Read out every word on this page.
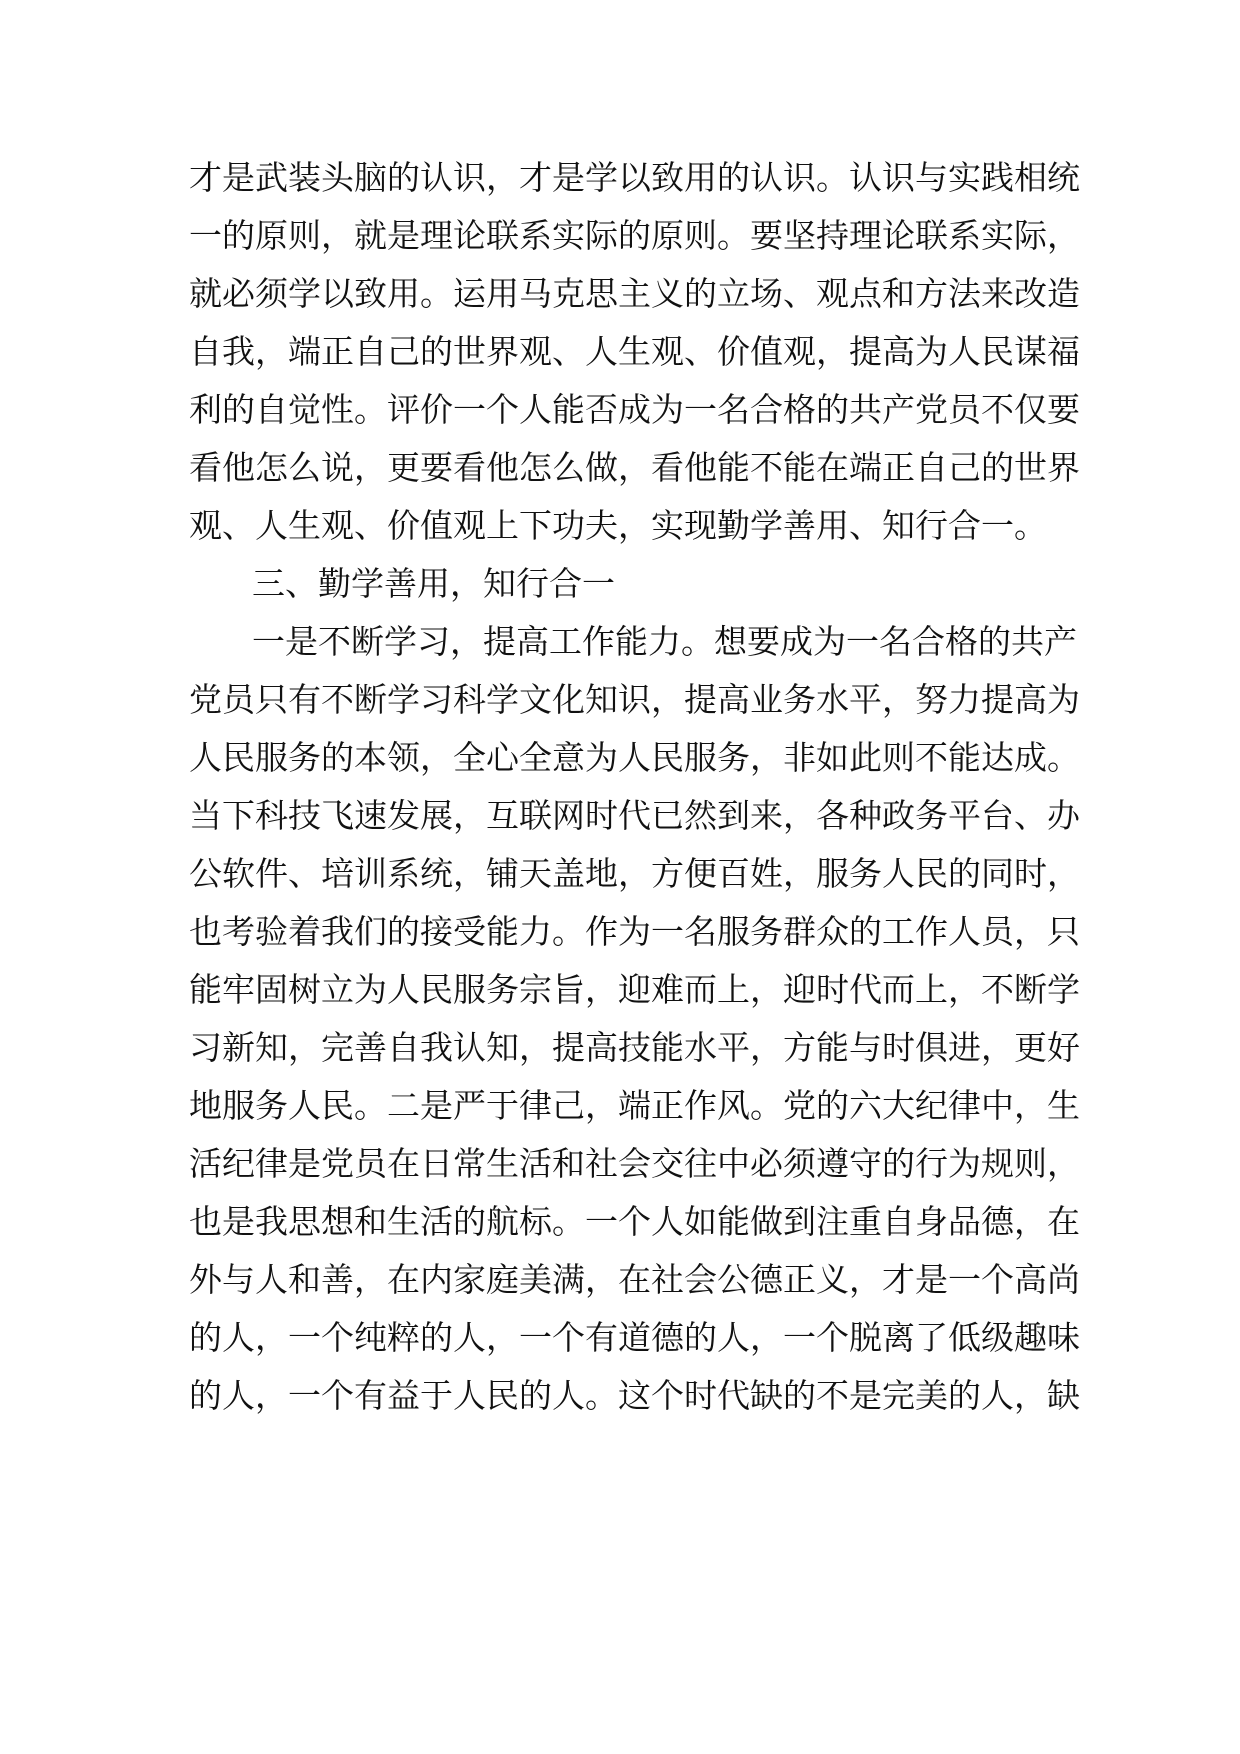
才是武装头脑的认识，才是学以致用的认识。认识与实践相统
一的原则，就是理论联系实际的原则。要坚持理论联系实际，
就必须学以致用。运用马克思主义的立场、观点和方法来改造
自我，端正自己的世界观、人生观、价值观，提高为人民谋福
利的自觉性。评价一个人能否成为一名合格的共产党员不仅要
看他怎么说，更要看他怎么做，看他能不能在端正自己的世界
观、人生观、价值观上下功夫，实现勤学善用、知行合一。
三、勤学善用，知行合一
一是不断学习，提高工作能力。想要成为一名合格的共产
党员只有不断学习科学文化知识，提高业务水平，努力提高为
人民服务的本领，全心全意为人民服务，非如此则不能达成。
当下科技飞速发展，互联网时代已然到来，各种政务平台、办
公软件、培训系统，铺天盖地，方便百姓，服务人民的同时，
也考验着我们的接受能力。作为一名服务群众的工作人员，只
能牢固树立为人民服务宗旨，迎难而上，迎时代而上，不断学
习新知，完善自我认知，提高技能水平，方能与时俱进，更好
地服务人民。二是严于律己，端正作风。党的六大纪律中，生
活纪律是党员在日常生活和社会交往中必须遵守的行为规则，
也是我思想和生活的航标。一个人如能做到注重自身品德，在
外与人和善，在内家庭美满，在社会公德正义，才是一个高尚
的人，一个纯粹的人，一个有道德的人，一个脱离了低级趣味
的人，一个有益于人民的人。这个时代缺的不是完美的人，缺
